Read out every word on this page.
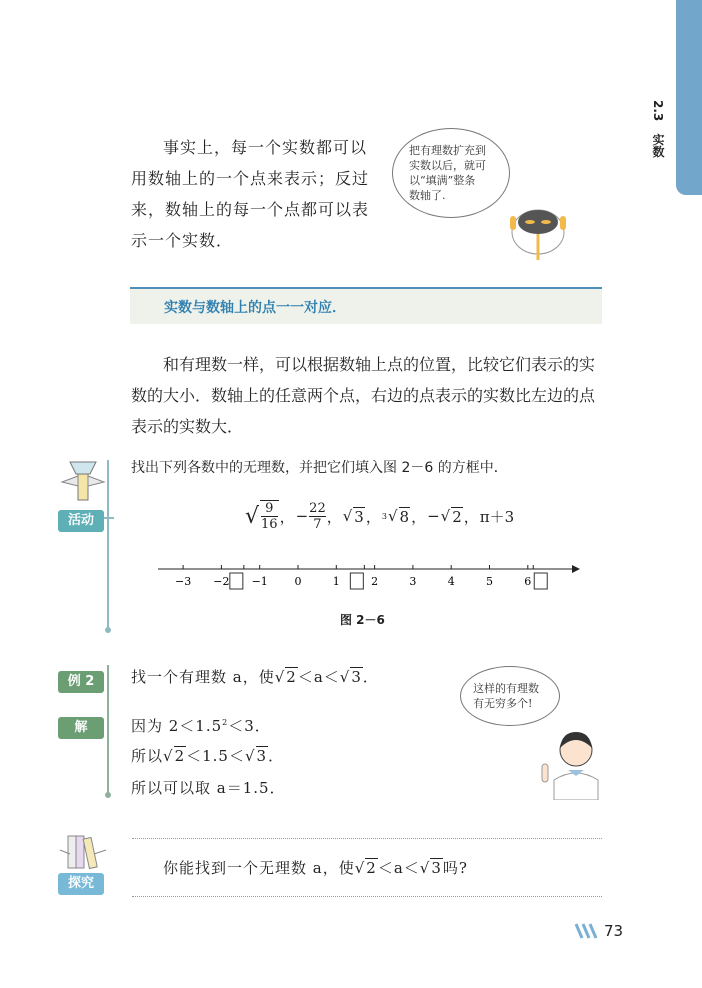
2.3　实数
事实上，每一个实数都可以
用数轴上的一个点来表示；反过
来，数轴上的每一个点都可以表
示一个实数．
把有理数扩充到
实数以后，就可
以“填满”整条
数轴了.
实数与数轴上的点一一对应．
和有理数一样，可以根据数轴上点的位置，比较它们表示的实
数的大小．数轴上的任意两个点，右边的点表示的实数比左边的点
表示的实数大．
活动
找出下列各数中的无理数，并把它们填入图 2－6 的方框中．
√ $\frac{9}{16}$ ， − $\frac{22}{7}$ ， √ 3 ， 3 √ 8 ， − √ 2 ， π＋3
−3 −2 −1 0	1	2	3	4	5	6
图 2－6
例 2
解
找一个有理数 a，使√2＜a＜√3．
因为 $2<1.5^2<3$．
所以√2＜1.5＜√3．
所以可以取 a＝1.5．
这样的有理数
有无穷多个!
探究
你能找到一个无理数 a，使√2＜a＜√3吗?
73
